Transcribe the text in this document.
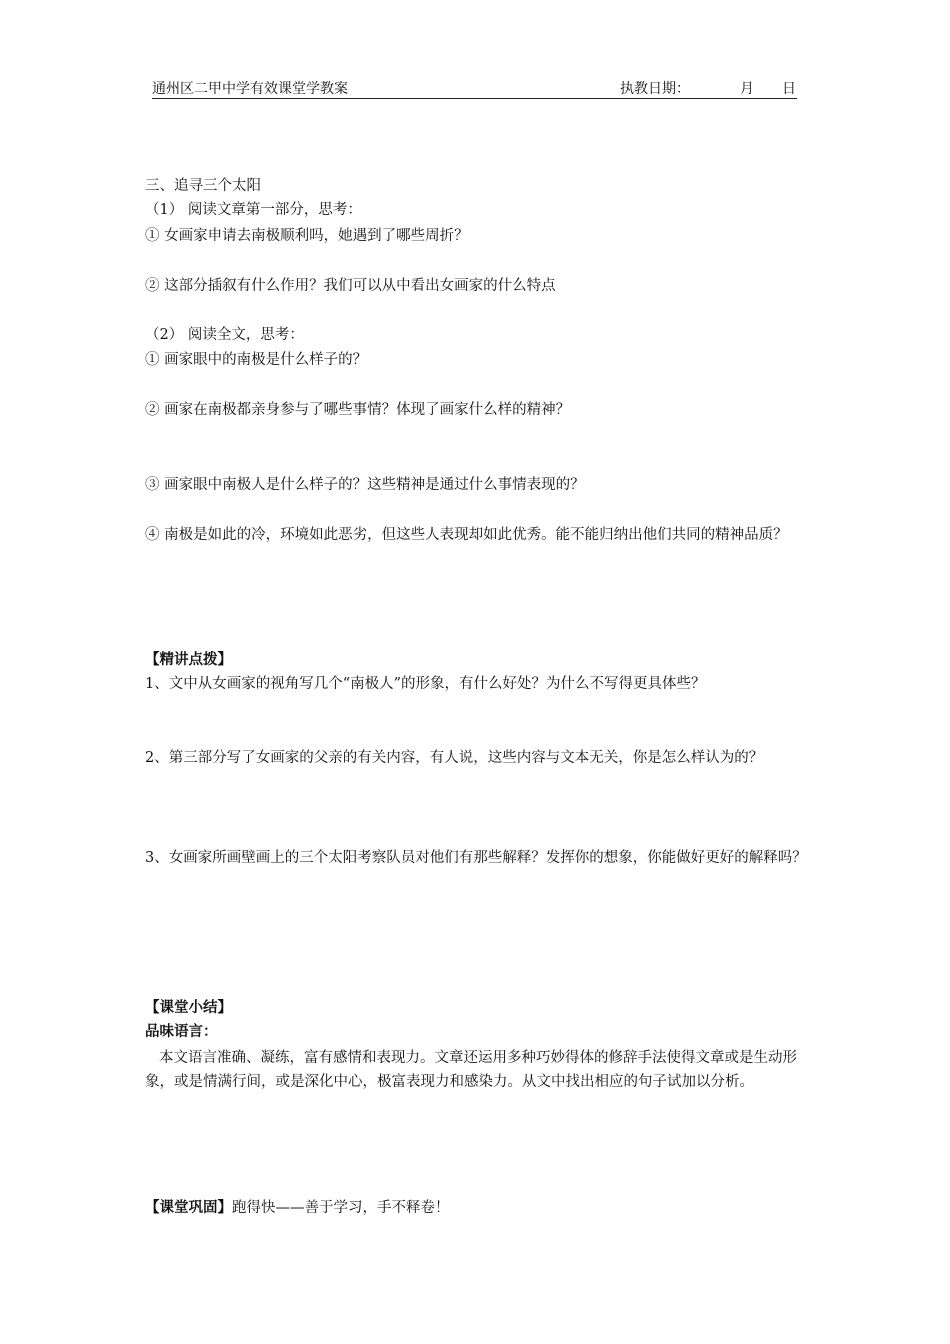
通州区二甲中学有效课堂学教案	执教日期：	月 日
三、追寻三个太阳
（1） 阅读文章第一部分，思考：
① 女画家申请去南极顺利吗，她遇到了哪些周折？
② 这部分插叙有什么作用？我们可以从中看出女画家的什么特点
（2） 阅读全文，思考：
① 画家眼中的南极是什么样子的？
② 画家在南极都亲身参与了哪些事情？体现了画家什么样的精神？
③ 画家眼中南极人是什么样子的？这些精神是通过什么事情表现的？
④ 南极是如此的冷，环境如此恶劣，但这些人表现却如此优秀。能不能归纳出他们共同的精神品质？
【精讲点拨】
1、文中从女画家的视角写几个“南极人”的形象，有什么好处？为什么不写得更具体些？
2、第三部分写了女画家的父亲的有关内容，有人说，这些内容与文本无关，你是怎么样认为的？
3、女画家所画壁画上的三个太阳考察队员对他们有那些解释？发挥你的想象，你能做好更好的解释吗？
【课堂小结】
品味语言：
本文语言准确、凝练，富有感情和表现力。文章还运用多种巧妙得体的修辞手法使得文章或是生动形象，或是情满行间，或是深化中心，极富表现力和感染力。从文中找出相应的句子试加以分析。
【课堂巩固】跑得快——善于学习，手不释卷！
